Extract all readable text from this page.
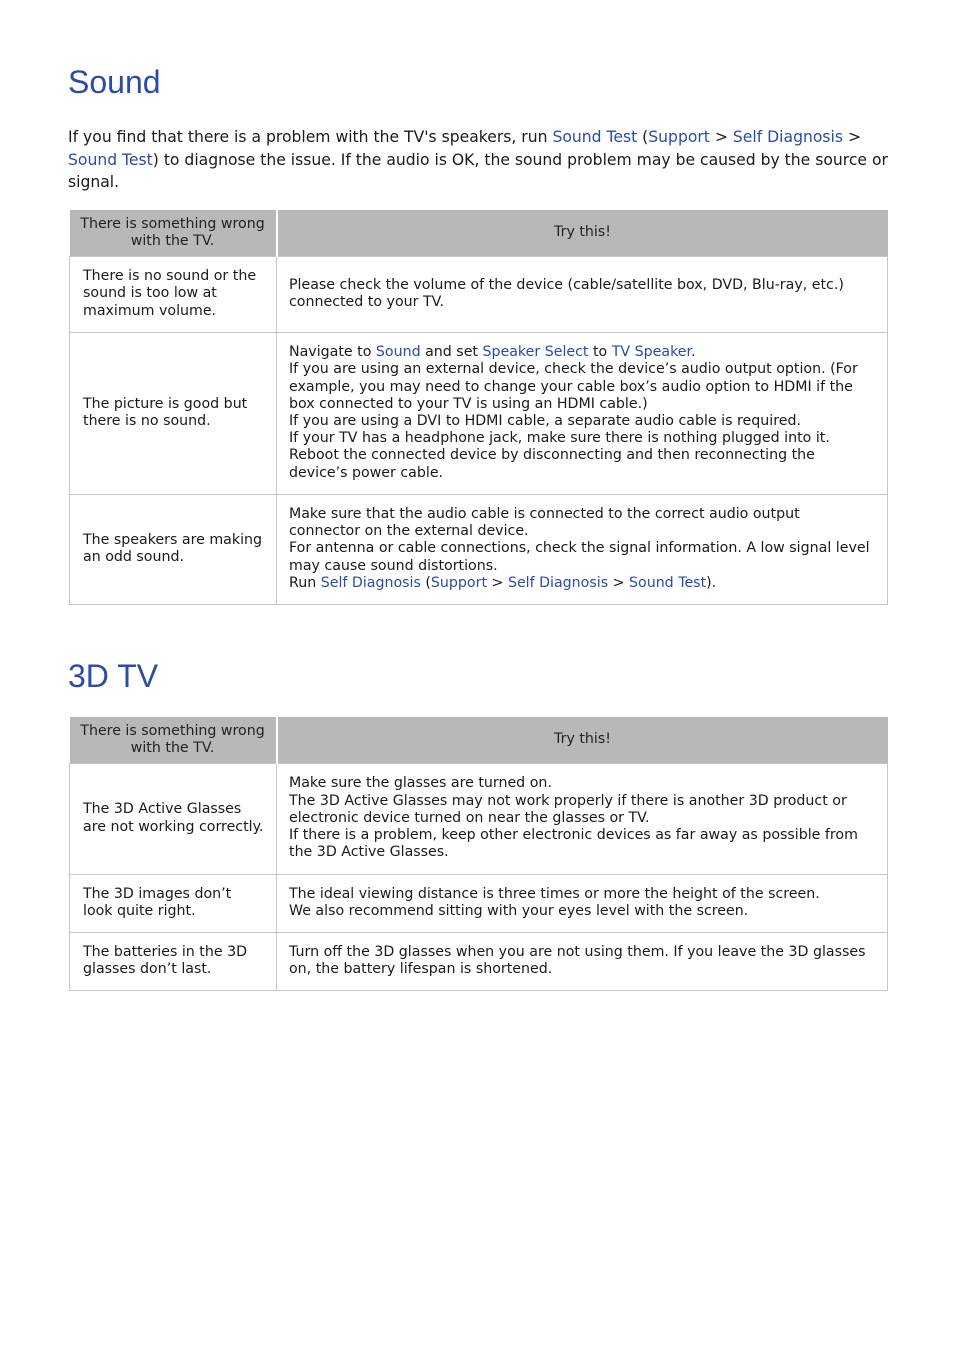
Sound

If you find that there is a problem with the TV's speakers, run Sound Test (Support > Self Diagnosis > Sound Test) to diagnose the issue. If the audio is OK, the sound problem may be caused by the source or signal.

There is something wrong with the TV.	Try this!
There is no sound or the sound is too low at maximum volume.	Please check the volume of the device (cable/satellite box, DVD, Blu-ray, etc.) connected to your TV.

The picture is good but there is no sound.	Navigate to Sound and set Speaker Select to TV Speaker.
If you are using an external device, check the device’s audio output option. (For example, you may need to change your cable box’s audio option to HDMI if the box connected to your TV is using an HDMI cable.)
If you are using a DVI to HDMI cable, a separate audio cable is required.
If your TV has a headphone jack, make sure there is nothing plugged into it.
Reboot the connected device by disconnecting and then reconnecting the device’s power cable.

The speakers are making an odd sound.	Make sure that the audio cable is connected to the correct audio output connector on the external device.
For antenna or cable connections, check the signal information. A low signal level may cause sound distortions.
Run Self Diagnosis (Support > Self Diagnosis > Sound Test).
3D TV
There is something wrong with the TV.	Try this!
The 3D Active Glasses are not working correctly.	Make sure the glasses are turned on.
The 3D Active Glasses may not work properly if there is another 3D product or electronic device turned on near the glasses or TV.
If there is a problem, keep other electronic devices as far away as possible from the 3D Active Glasses.

The 3D images don’t look quite right.	The ideal viewing distance is three times or more the height of the screen.
We also recommend sitting with your eyes level with the screen.

The batteries in the 3D glasses don’t last.	Turn off the 3D glasses when you are not using them. If you leave the 3D glasses on, the battery lifespan is shortened.
